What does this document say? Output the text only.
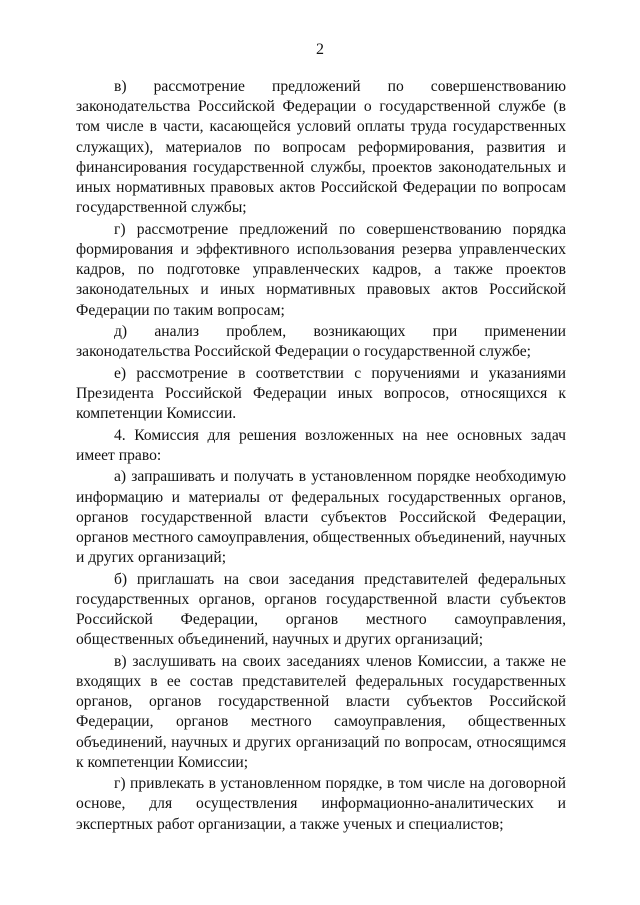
2

в) рассмотрение предложений по совершенствованию законодательства Российской Федерации о государственной службе (в том числе в части, касающейся условий оплаты труда государственных служащих), материалов по вопросам реформирования, развития и финансирования государственной службы, проектов законодательных и иных нормативных правовых актов Российской Федерации по вопросам государственной службы;

г) рассмотрение предложений по совершенствованию порядка формирования и эффективного использования резерва управленческих кадров, по подготовке управленческих кадров, а также проектов законодательных и иных нормативных правовых актов Российской Федерации по таким вопросам;

д) анализ проблем, возникающих при применении законодательства Российской Федерации о государственной службе;

е) рассмотрение в соответствии с поручениями и указаниями Президента Российской Федерации иных вопросов, относящихся к компетенции Комиссии.

4. Комиссия для решения возложенных на нее основных задач имеет право:

а) запрашивать и получать в установленном порядке необходимую информацию и материалы от федеральных государственных органов, органов государственной власти субъектов Российской Федерации, органов местного самоуправления, общественных объединений, научных и других организаций;

б) приглашать на свои заседания представителей федеральных государственных органов, органов государственной власти субъектов Российской Федерации, органов местного самоуправления, общественных объединений, научных и других организаций;

в) заслушивать на своих заседаниях членов Комиссии, а также не входящих в ее состав представителей федеральных государственных органов, органов государственной власти субъектов Российской Федерации, органов местного самоуправления, общественных объединений, научных и других организаций по вопросам, относящимся к компетенции Комиссии;

г) привлекать в установленном порядке, в том числе на договорной основе, для осуществления информационно-аналитических и экспертных работ организации, а также ученых и специалистов;
